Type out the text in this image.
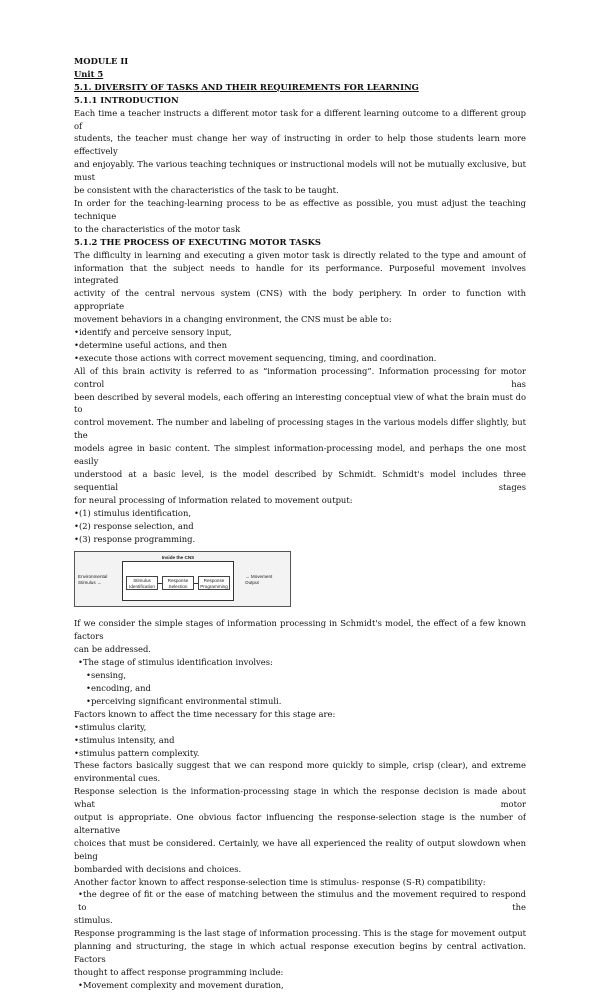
MODULE II
Unit 5
5.1. DIVERSITY OF TASKS AND THEIR REQUIREMENTS FOR LEARNING
5.1.1 INTRODUCTION
Each time a teacher instructs a different motor task for a different learning outcome to a different group of
students, the teacher must change her way of instructing in order to help those students learn more effectively
and enjoyably. The various teaching techniques or instructional models will not be mutually exclusive, but must
be consistent with the characteristics of the task to be taught.
In order for the teaching-learning process to be as effective as possible, you must adjust the teaching technique
to the characteristics of the motor task
5.1.2 THE PROCESS OF EXECUTING MOTOR TASKS
The difficulty in learning and executing a given motor task is directly related to the type and amount of
information that the subject needs to handle for its performance. Purposeful movement involves integrated
activity of the central nervous system (CNS) with the body periphery. In order to function with appropriate
movement behaviors in a changing environment, the CNS must be able to:
•identify and perceive sensory input,
•determine useful actions, and then
•execute those actions with correct movement sequencing, timing, and coordination.
All of this brain activity is referred to as “information processing”. Information processing for motor control has
been described by several models, each offering an interesting conceptual view of what the brain must do to
control movement. The number and labeling of processing stages in the various models differ slightly, but the
models agree in basic content. The simplest information-processing model, and perhaps the one most easily
understood at a basic level, is the model described by Schmidt. Schmidt's model includes three sequential stages
for neural processing of information related to movement output:
•(1) stimulus identification,
•(2) response selection, and
•(3) response programming.
Environmental Stimulus →
Inside the CNS
Stimulus Identification
Response Selection
Response Programming
→ Movement Output
If we consider the simple stages of information processing in Schmidt's model, the effect of a few known factors
can be addressed.
•The stage of stimulus identification involves:
•sensing,
•encoding, and
•perceiving significant environmental stimuli.
Factors known to affect the time necessary for this stage are:
•stimulus clarity,
•stimulus intensity, and
•stimulus pattern complexity.
These factors basically suggest that we can respond more quickly to simple, crisp (clear), and extreme
environmental cues.
Response selection is the information-processing stage in which the response decision is made about what motor
output is appropriate. One obvious factor influencing the response-selection stage is the number of alternative
choices that must be considered. Certainly, we have all experienced the reality of output slowdown when being
bombarded with decisions and choices.
Another factor known to affect response-selection time is stimulus- response (S-R) compatibility:
•the degree of fit or the ease of matching between the stimulus and the movement required to respond to the
stimulus.
Response programming is the last stage of information processing. This is the stage for movement output
planning and structuring, the stage in which actual response execution begins by central activation. Factors
thought to affect response programming include:
•Movement complexity and movement duration,
